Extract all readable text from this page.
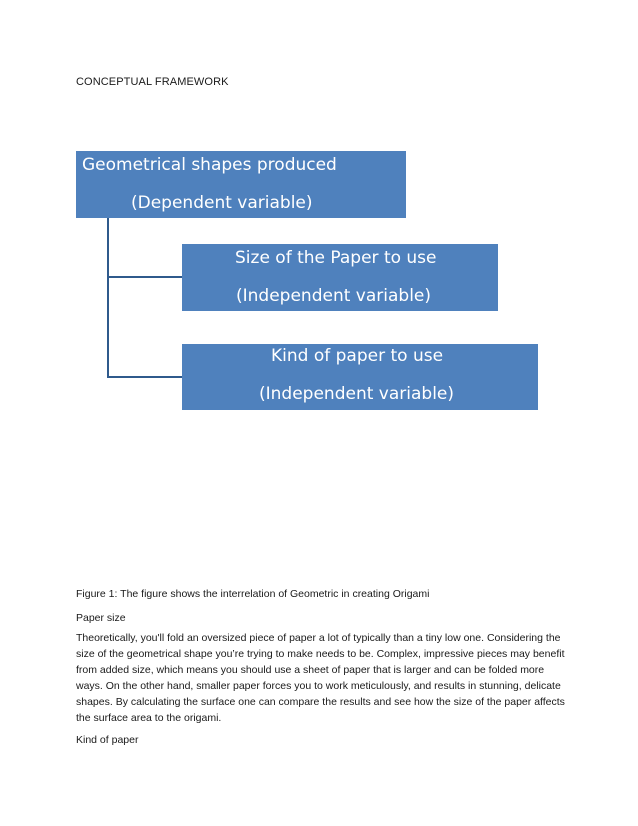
CONCEPTUAL FRAMEWORK
Geometrical shapes produced
(Dependent variable)
Size of the Paper to use
(Independent variable)
Kind of paper to use
(Independent variable)
Figure 1: The figure shows the interrelation of Geometric in creating Origami
Paper size
Theoretically, you'll fold an oversized piece of paper a lot of typically than a tiny low one. Considering the size of the geometrical shape you’re trying to make needs to be. Complex, impressive pieces may benefit from added size, which means you should use a sheet of paper that is larger and can be folded more ways. On the other hand, smaller paper forces you to work meticulously, and results in stunning, delicate shapes. By calculating the surface one can compare the results and see how the size of the paper affects the surface area to the origami.
Kind of paper
